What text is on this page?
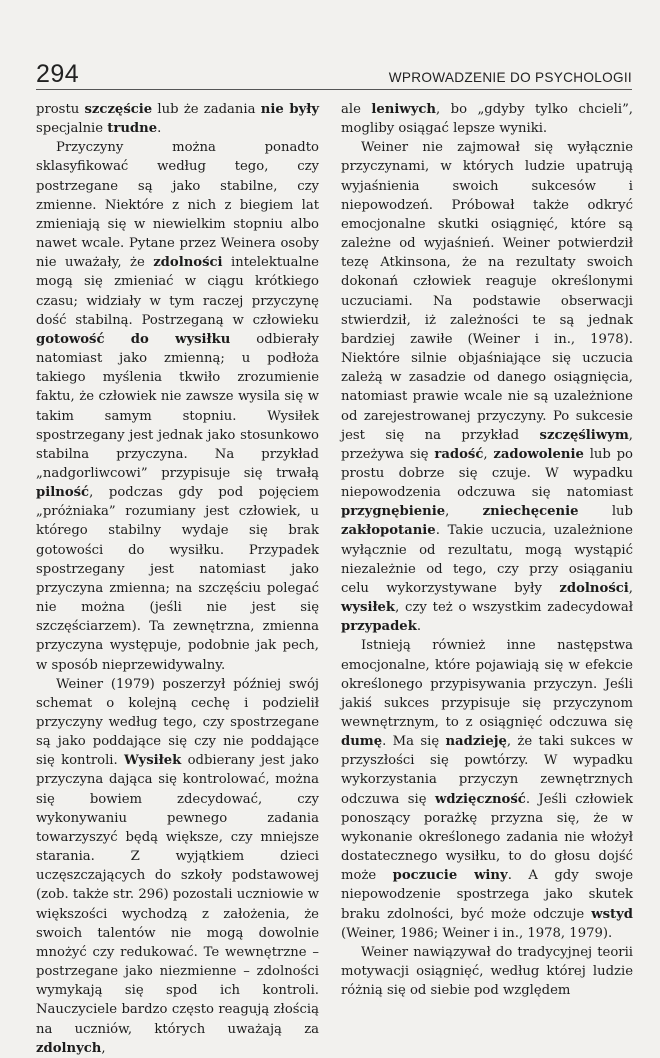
294	WPROWADZENIE DO PSYCHOLOGII

prostu szczęście lub że zadania nie były specjalnie trudne.

Przyczyny można ponadto sklasyfikować według tego, czy postrzegane są jako stabilne, czy zmienne. Niektóre z nich z biegiem lat zmieniają się w niewielkim stopniu albo nawet wcale. Pytane przez Weinera osoby nie uważały, że zdolności intelektualne mogą się zmieniać w ciągu krótkiego czasu; widziały w tym raczej przyczynę dość stabilną. Postrzeganą w człowieku gotowość do wysiłku odbierały natomiast jako zmienną; u podłoża takiego myślenia tkwiło zrozumienie faktu, że człowiek nie zawsze wysila się w takim samym stopniu. Wysiłek spostrzegany jest jednak jako stosunkowo stabilna przyczyna. Na przykład „nadgorliwcowi” przypisuje się trwałą pilność, podczas gdy pod pojęciem „próżniaka” rozumiany jest człowiek, u którego stabilny wydaje się brak gotowości do wysiłku. Przypadek spostrzegany jest natomiast jako przyczyna zmienna; na szczęściu polegać nie można (jeśli nie jest się szczęściarzem). Ta zewnętrzna, zmienna przyczyna występuje, podobnie jak pech, w sposób nieprzewidywalny.

Weiner (1979) poszerzył później swój schemat o kolejną cechę i podzielił przyczyny według tego, czy spostrzegane są jako poddające się czy nie poddające się kontroli. Wysiłek odbierany jest jako przyczyna dająca się kontrolować, można się bowiem zdecydować, czy wykonywaniu pewnego zadania towarzyszyć będą większe, czy mniejsze starania. Z wyjątkiem dzieci uczęszczających do szkoły podstawowej (zob. także str. 296) pozostali uczniowie w większości wychodzą z założenia, że swoich talentów nie mogą dowolnie mnożyć czy redukować. Te wewnętrzne – postrzegane jako niezmienne – zdolności wymykają się spod ich kontroli. Nauczyciele bardzo często reagują złością na uczniów, których uważają za zdolnych,

ale leniwych, bo „gdyby tylko chcieli”, mogliby osiągać lepsze wyniki.

Weiner nie zajmował się wyłącznie przyczynami, w których ludzie upatrują wyjaśnienia swoich sukcesów i niepowodzeń. Próbował także odkryć emocjonalne skutki osiągnięć, które są zależne od wyjaśnień. Weiner potwierdził tezę Atkinsona, że na rezultaty swoich dokonań człowiek reaguje określonymi uczuciami. Na podstawie obserwacji stwierdził, iż zależności te są jednak bardziej zawiłe (Weiner i in., 1978). Niektóre silnie objaśniające się uczucia zależą w zasadzie od danego osiągnięcia, natomiast prawie wcale nie są uzależnione od zarejestrowanej przyczyny. Po sukcesie jest się na przykład szczęśliwym, przeżywa się radość, zadowolenie lub po prostu dobrze się czuje. W wypadku niepowodzenia odczuwa się natomiast przygnębienie, zniechęcenie lub zakłopotanie. Takie uczucia, uzależnione wyłącznie od rezultatu, mogą wystąpić niezależnie od tego, czy przy osiąganiu celu wykorzystywane były zdolności, wysiłek, czy też o wszystkim zadecydował przypadek.

Istnieją również inne następstwa emocjonalne, które pojawiają się w efekcie określonego przypisywania przyczyn. Jeśli jakiś sukces przypisuje się przyczynom wewnętrznym, to z osiągnięć odczuwa się dumę. Ma się nadzieję, że taki sukces w przyszłości się powtórzy. W wypadku wykorzystania przyczyn zewnętrznych odczuwa się wdzięczność. Jeśli człowiek ponoszący porażkę przyzna się, że w wykonanie określonego zadania nie włożył dostatecznego wysiłku, to do głosu dojść może poczucie winy. A gdy swoje niepowodzenie spostrzega jako skutek braku zdolności, być może odczuje wstyd (Weiner, 1986; Weiner i in., 1978, 1979).

Weiner nawiązywał do tradycyjnej teorii motywacji osiągnięć, według której ludzie różnią się od siebie pod względem
